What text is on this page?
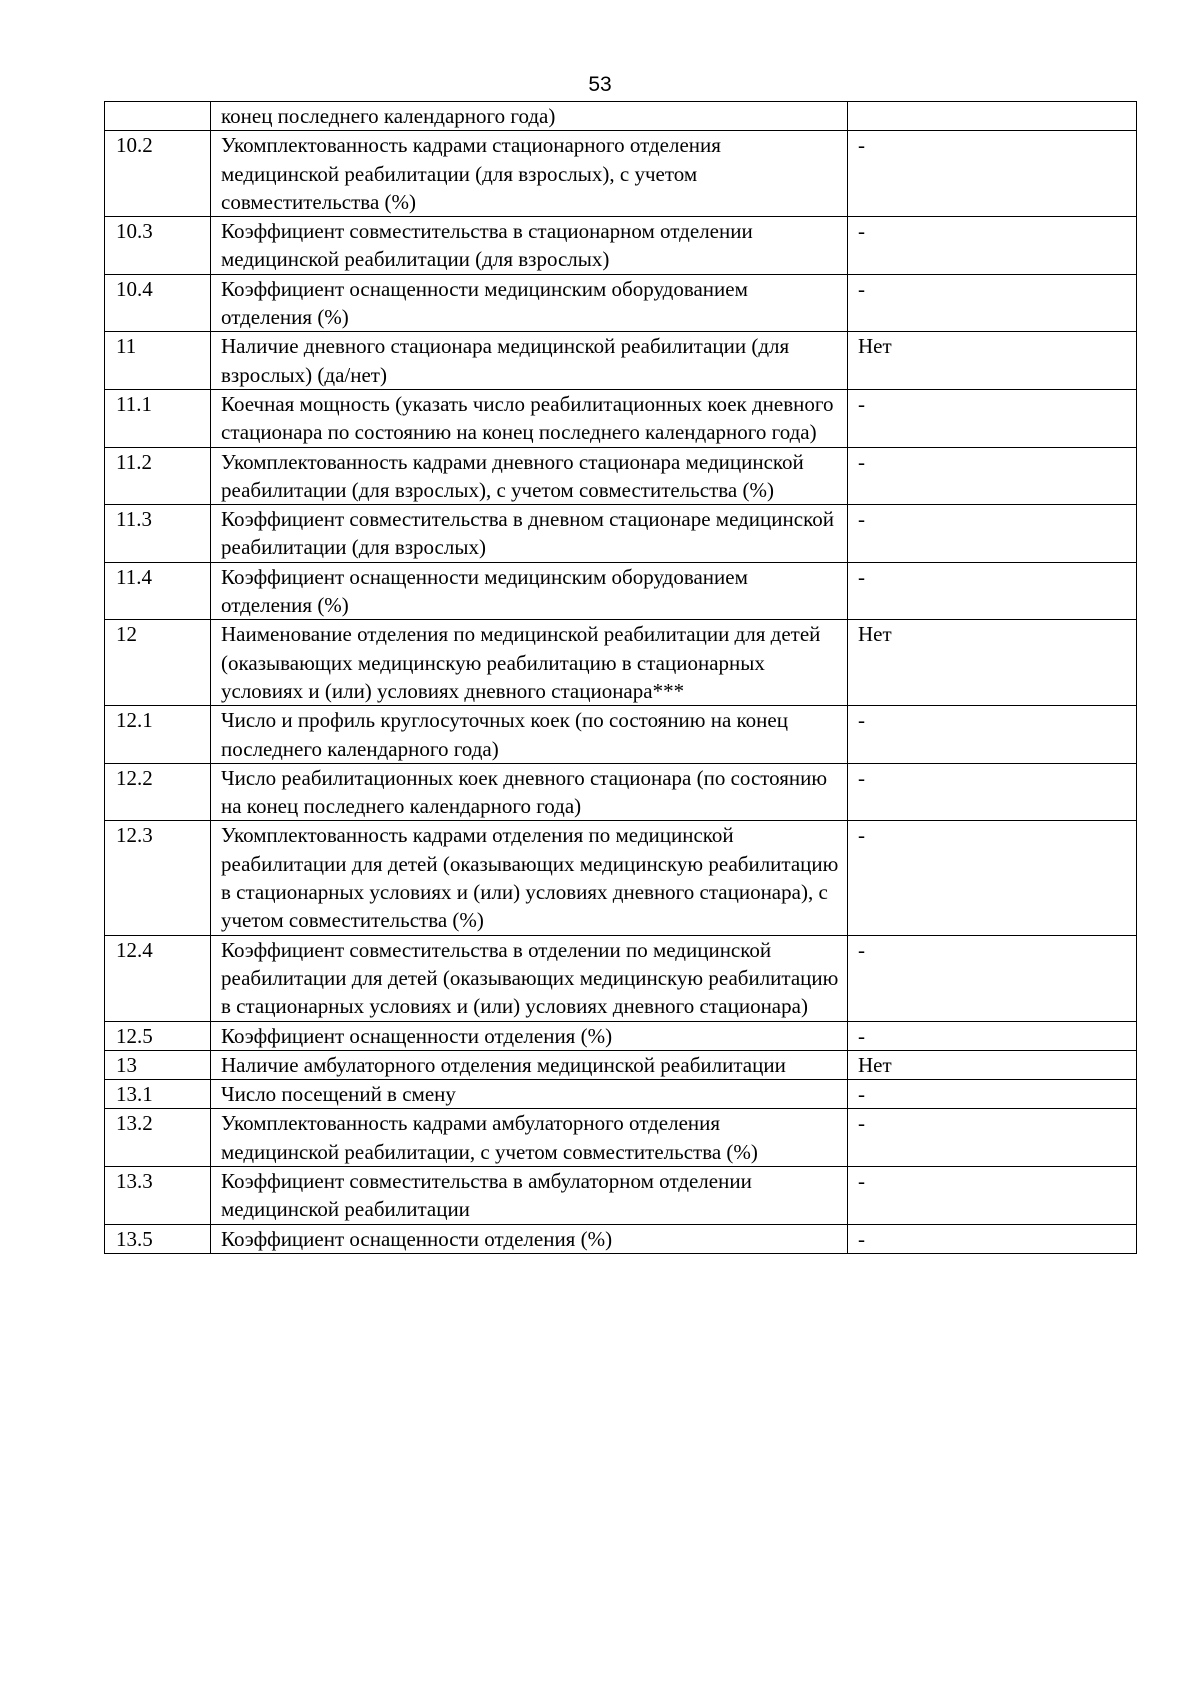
53
	конец последнего календарного года)	
10.2	Укомплектованность кадрами стационарного отделения медицинской реабилитации (для взрослых), с учетом совместительства (%)	-
10.3	Коэффициент совместительства в стационарном отделении медицинской реабилитации (для взрослых)	-
10.4	Коэффициент оснащенности медицинским оборудованием отделения (%)	-
11	Наличие дневного стационара медицинской реабилитации (для взрослых) (да/нет)	Нет
11.1	Коечная мощность (указать число реабилитационных коек дневного стационара по состоянию на конец последнего календарного года)	-
11.2	Укомплектованность кадрами дневного стационара медицинской реабилитации (для взрослых), с учетом совместительства (%)	-
11.3	Коэффициент совместительства в дневном стационаре медицинской реабилитации (для взрослых)	-
11.4	Коэффициент оснащенности медицинским оборудованием отделения (%)	-
12	Наименование отделения по медицинской реабилитации для детей (оказывающих медицинскую реабилитацию в стационарных условиях и (или) условиях дневного стационара***	Нет
12.1	Число и профиль круглосуточных коек (по состоянию на конец последнего календарного года)	-
12.2	Число реабилитационных коек дневного стационара (по состоянию на конец последнего календарного года)	-
12.3	Укомплектованность кадрами отделения по медицинской реабилитации для детей (оказывающих медицинскую реабилитацию в стационарных условиях и (или) условиях дневного стационара), с учетом совместительства (%)	-
12.4	Коэффициент совместительства в отделении по медицинской реабилитации для детей (оказывающих медицинскую реабилитацию в стационарных условиях и (или) условиях дневного стационара)	-
12.5	Коэффициент оснащенности отделения (%)	-
13	Наличие амбулаторного отделения медицинской реабилитации	Нет
13.1	Число посещений в смену	-
13.2	Укомплектованность кадрами амбулаторного отделения медицинской реабилитации, с учетом совместительства (%)	-
13.3	Коэффициент совместительства в амбулаторном отделении медицинской реабилитации	-
13.5	Коэффициент оснащенности отделения (%)	-
